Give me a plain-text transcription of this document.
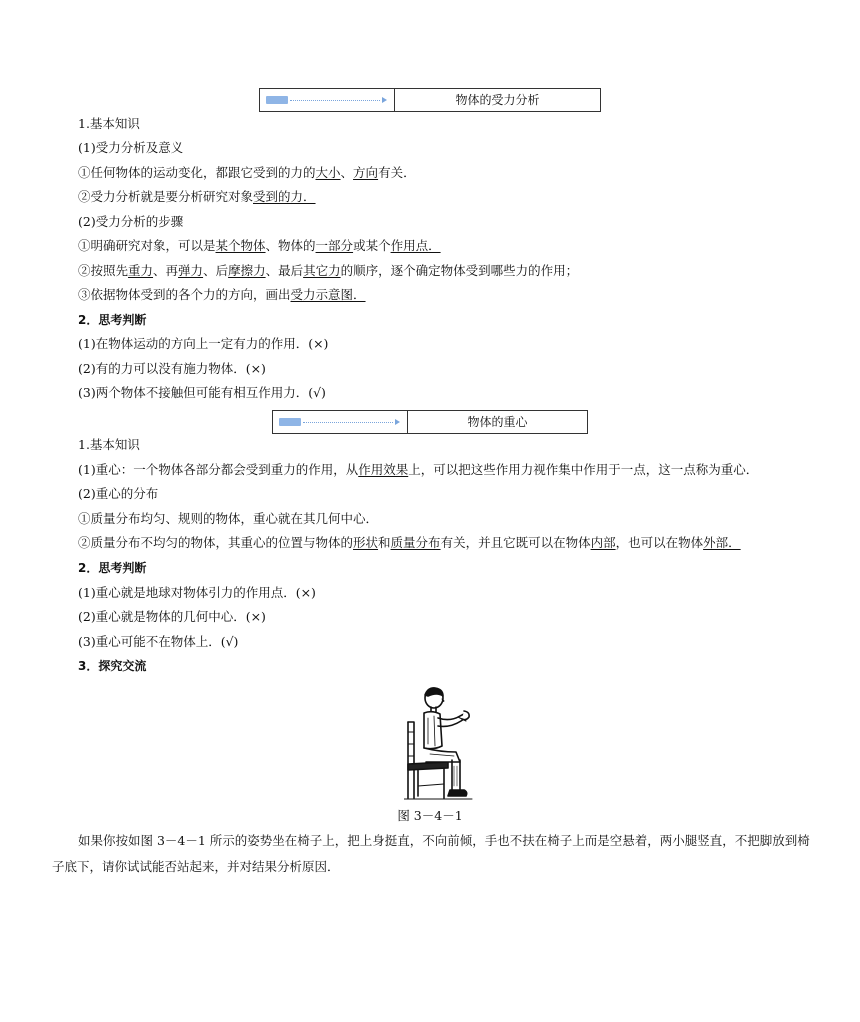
物体的受力分析
1.基本知识
(1)受力分析及意义
①任何物体的运动变化，都跟它受到的力的大小、方向有关．
②受力分析就是要分析研究对象受到的力．
(2)受力分析的步骤
①明确研究对象，可以是某个物体、物体的一部分或某个作用点．
②按照先重力、再弹力、后摩擦力、最后其它力的顺序，逐个确定物体受到哪些力的作用；
③依据物体受到的各个力的方向，画出受力示意图．
2．思考判断
(1)在物体运动的方向上一定有力的作用．(×)
(2)有的力可以没有施力物体．(×)
(3)两个物体不接触但可能有相互作用力．(√)
物体的重心
1.基本知识
(1)重心：一个物体各部分都会受到重力的作用，从作用效果上，可以把这些作用力视作集中作用于一点，这一点称为重心．
(2)重心的分布
①质量分布均匀、规则的物体，重心就在其几何中心．
②质量分布不均匀的物体，其重心的位置与物体的形状和质量分布有关，并且它既可以在物体内部，也可以在物体外部．
2．思考判断
(1)重心就是地球对物体引力的作用点．(×)
(2)重心就是物体的几何中心．(×)
(3)重心可能不在物体上．(√)
3．探究交流
图 3－4－1
如果你按如图 3－4－1 所示的姿势坐在椅子上，把上身挺直，不向前倾，手也不扶在椅子上而是空悬着，两小腿竖直，不把脚放到椅子底下，请你试试能否站起来，并对结果分析原因．
